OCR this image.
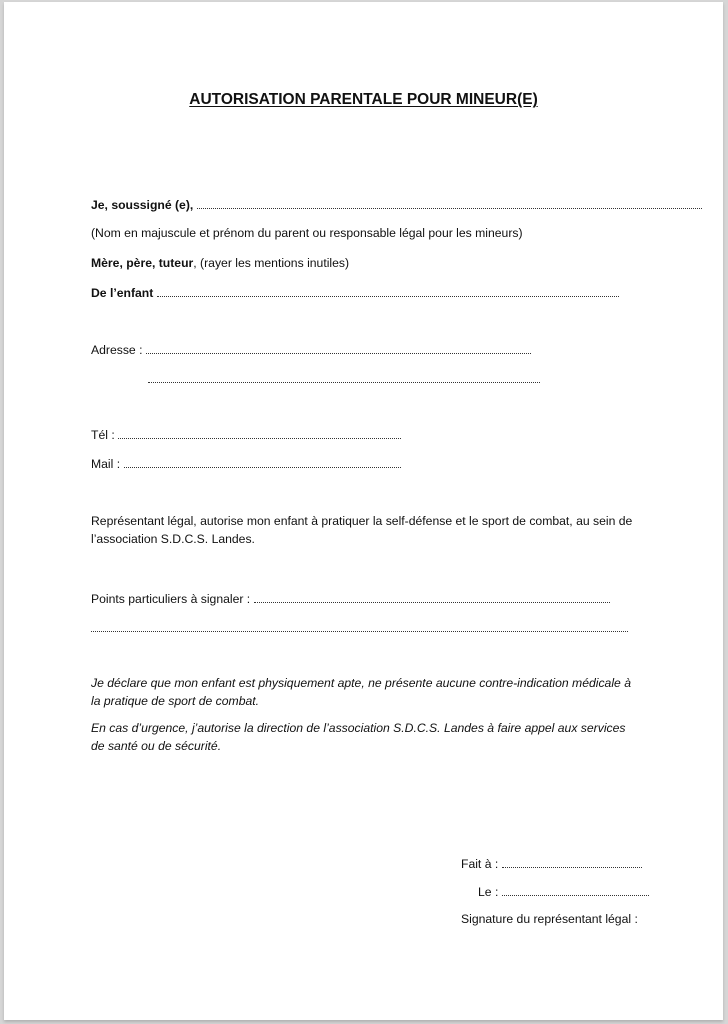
AUTORISATION PARENTALE POUR MINEUR(E)
Je, soussigné (e),
(Nom en majuscule et prénom du parent ou responsable légal pour les mineurs)
Mère, père, tuteur, (rayer les mentions inutiles)
De l’enfant
Adresse :
Tél :
Mail :
Représentant légal, autorise mon enfant à pratiquer la self-défense et le sport de combat, au sein de l’association S.D.C.S. Landes.
Points particuliers à signaler :
Je déclare que mon enfant est physiquement apte, ne présente aucune contre-indication médicale à la pratique de sport de combat.
En cas d’urgence, j’autorise la direction de l’association S.D.C.S. Landes à faire appel aux services de santé ou de sécurité.
Fait à :
Le :
Signature du représentant légal :
